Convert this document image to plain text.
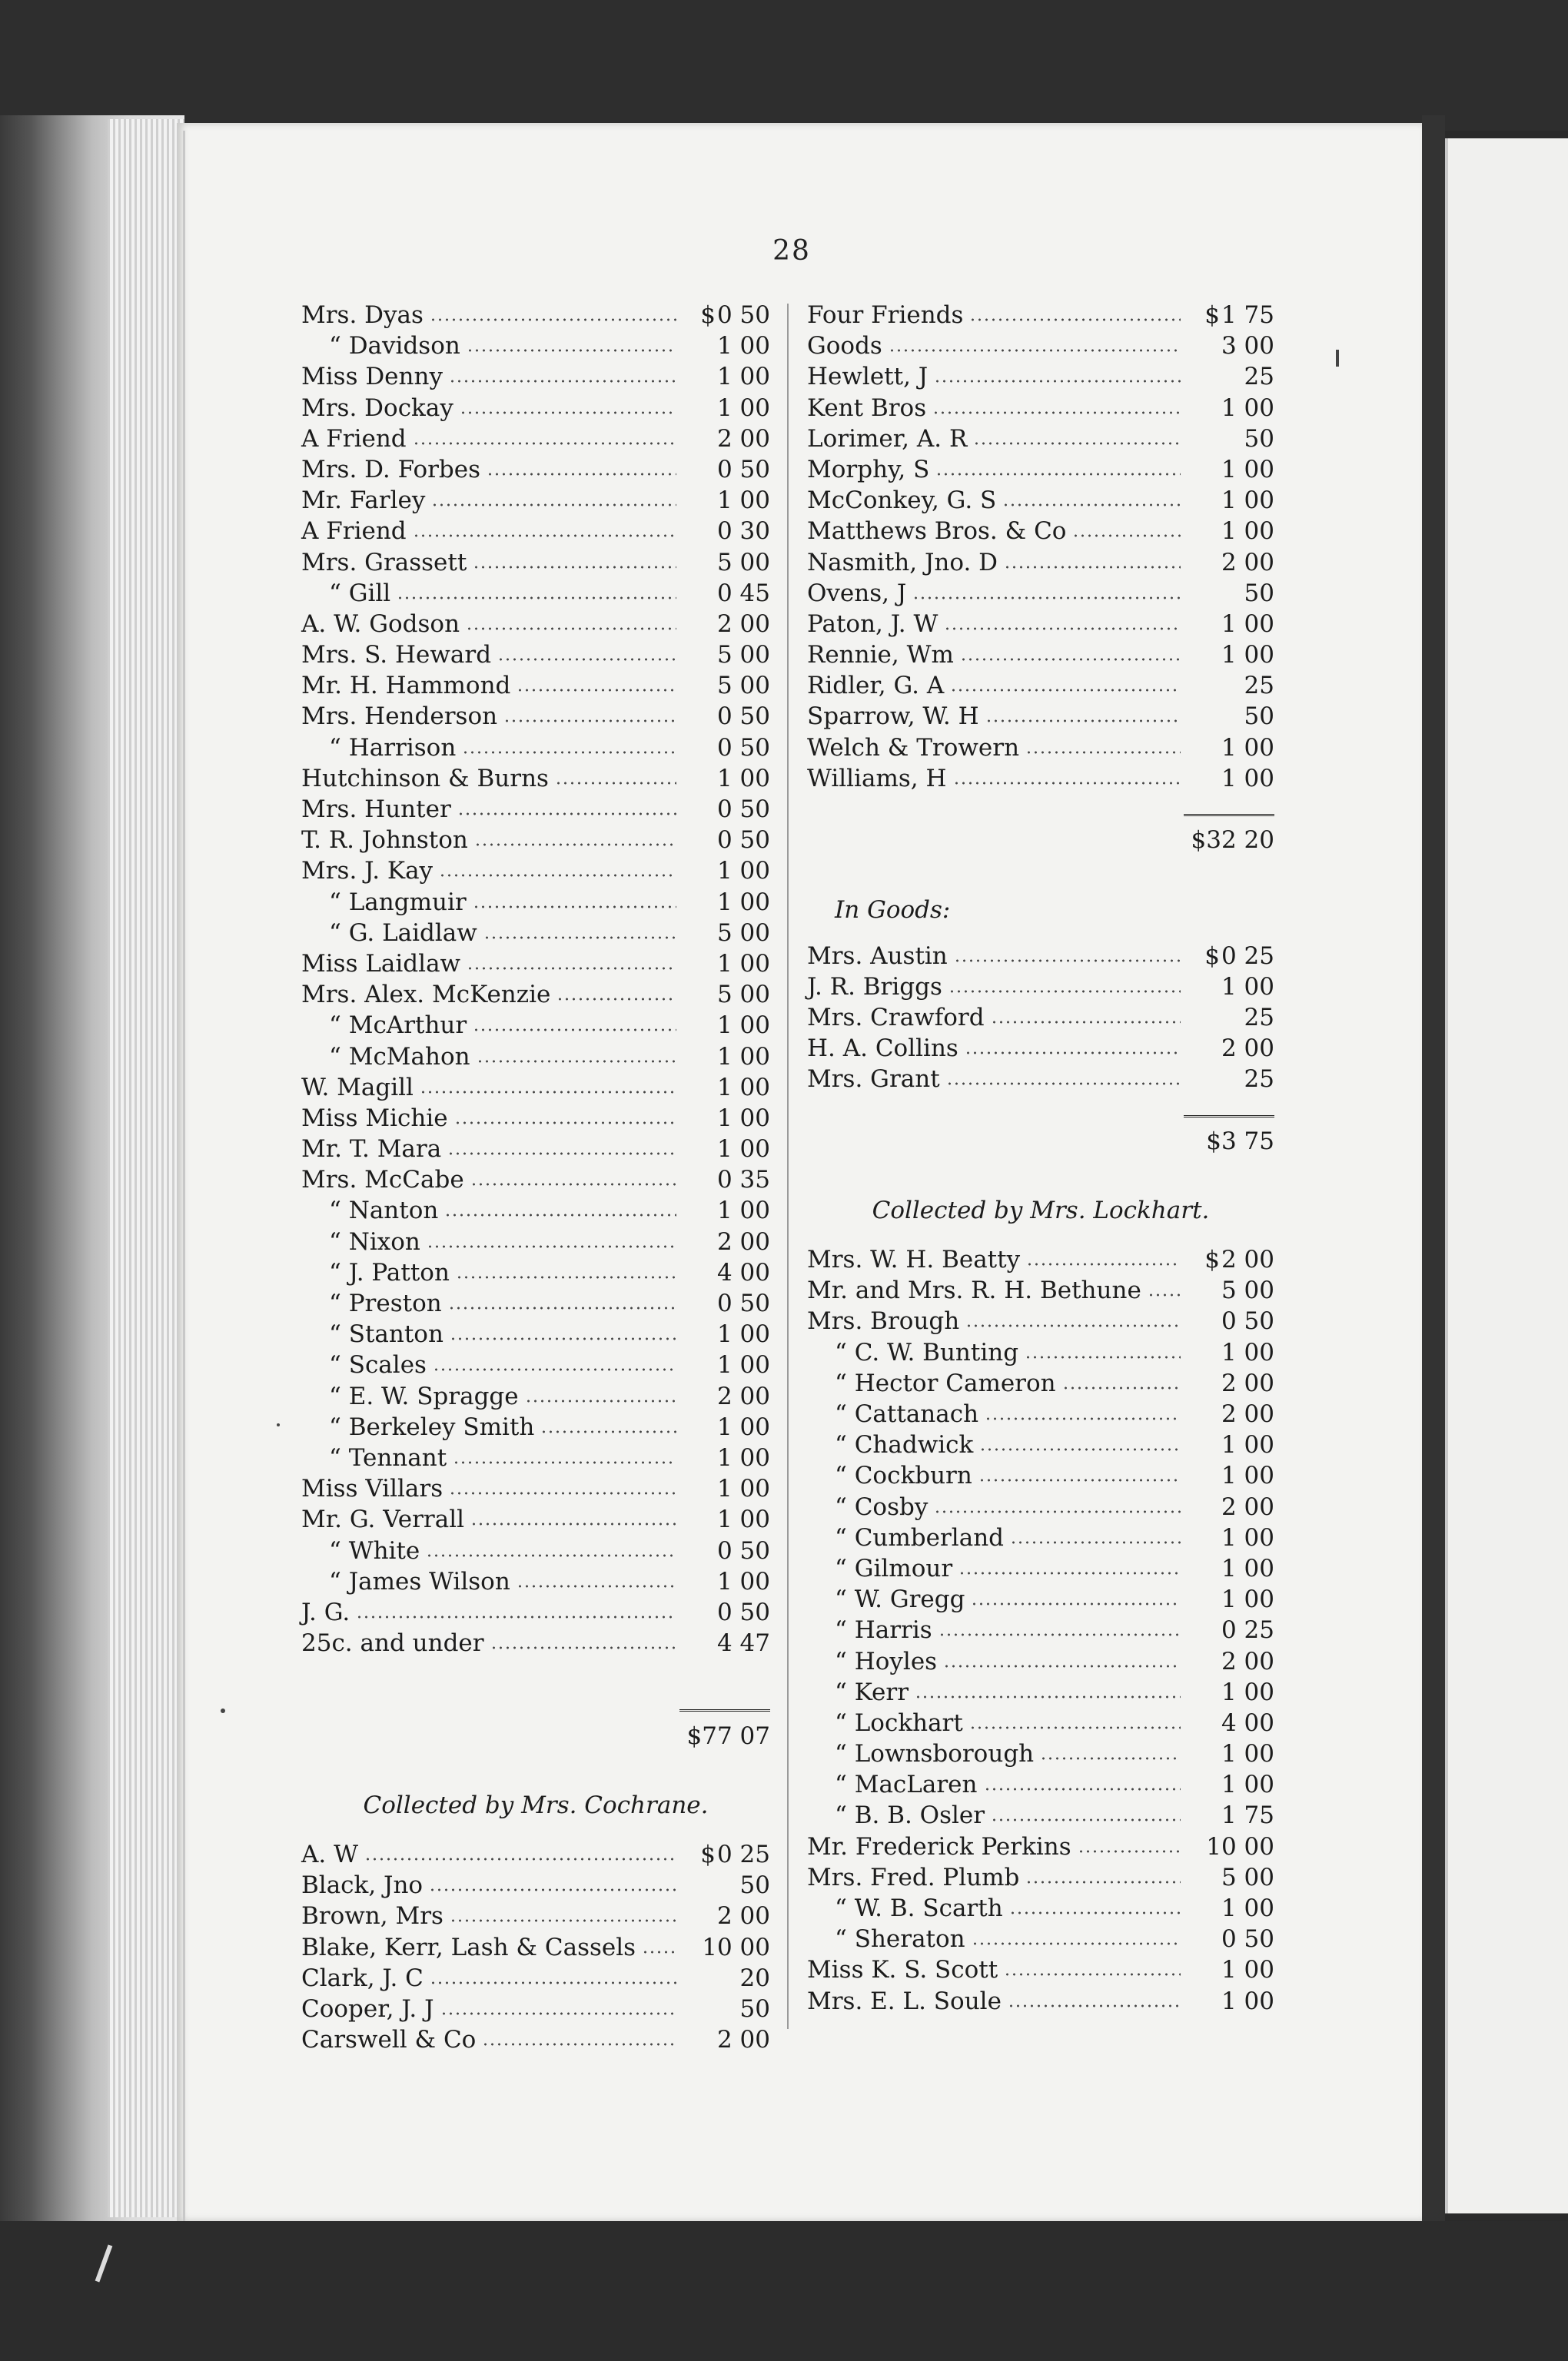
28
Mrs. Dyas	$0 50
“ Davidson	1 00
Miss Denny	1 00
Mrs. Dockay	1 00
A Friend	2 00
Mrs. D. Forbes	0 50
Mr. Farley	1 00
A Friend	0 30
Mrs. Grassett	5 00
“ Gill	0 45
A. W. Godson	2 00
Mrs. S. Heward	5 00
Mr. H. Hammond	5 00
Mrs. Henderson	0 50
“ Harrison	0 50
Hutchinson & Burns	1 00
Mrs. Hunter	0 50
T. R. Johnston	0 50
Mrs. J. Kay	1 00
“ Langmuir	1 00
“ G. Laidlaw	5 00
Miss Laidlaw	1 00
Mrs. Alex. McKenzie	5 00
“ McArthur	1 00
“ McMahon	1 00
W. Magill	1 00
Miss Michie	1 00
Mr. T. Mara	1 00
Mrs. McCabe	0 35
“ Nanton	1 00
“ Nixon	2 00
“ J. Patton	4 00
“ Preston	0 50
“ Stanton	1 00
“ Scales	1 00
“ E. W. Spragge	2 00
“ Berkeley Smith	1 00
“ Tennant	1 00
Miss Villars	1 00
Mr. G. Verrall	1 00
“ White	0 50
“ James Wilson	1 00
J. G.	0 50
25c. and under	4 47
$77 07
Collected by Mrs. Cochrane.
A. W	$0 25
Black, Jno	50
Brown, Mrs	2 00
Blake, Kerr, Lash & Cassels	10 00
Clark, J. C	20
Cooper, J. J	50
Carswell & Co	2 00
Four Friends	$1 75
Goods	3 00
Hewlett, J	25
Kent Bros	1 00
Lorimer, A. R	50
Morphy, S	1 00
McConkey, G. S	1 00
Matthews Bros. & Co	1 00
Nasmith, Jno. D	2 00
Ovens, J	50
Paton, J. W	1 00
Rennie, Wm	1 00
Ridler, G. A	25
Sparrow, W. H	50
Welch & Trowern	1 00
Williams, H	1 00
$32 20
In Goods:
Mrs. Austin	$0 25
J. R. Briggs	1 00
Mrs. Crawford	25
H. A. Collins	2 00
Mrs. Grant	25
$3 75
Collected by Mrs. Lockhart.
Mrs. W. H. Beatty	$2 00
Mr. and Mrs. R. H. Bethune	5 00
Mrs. Brough	0 50
“ C. W. Bunting	1 00
“ Hector Cameron	2 00
“ Cattanach	2 00
“ Chadwick	1 00
“ Cockburn	1 00
“ Cosby	2 00
“ Cumberland	1 00
“ Gilmour	1 00
“ W. Gregg	1 00
“ Harris	0 25
“ Hoyles	2 00
“ Kerr	1 00
“ Lockhart	4 00
“ Lownsborough	1 00
“ MacLaren	1 00
“ B. B. Osler	1 75
Mr. Frederick Perkins	10 00
Mrs. Fred. Plumb	5 00
“ W. B. Scarth	1 00
“ Sheraton	0 50
Miss K. S. Scott	1 00
Mrs. E. L. Soule	1 00
